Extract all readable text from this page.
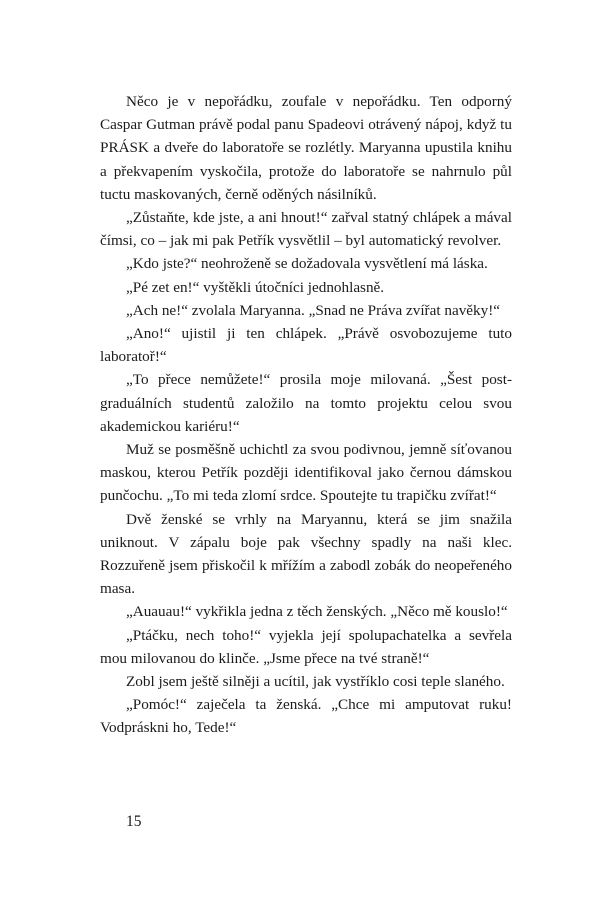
Něco je v nepořádku, zoufale v nepořádku. Ten odporný Caspar Gutman právě podal panu Spadeovi otrávený nápoj, když tu PRÁSK a dveře do laboratoře se rozlétly. Maryanna upustila knihu a překvapením vyskočila, protože do laboratoře se nahrnulo půl tuctu maskovaných, černě oděných násilníků.

„Zůstaňte, kde jste, a ani hnout!“ zařval statný chlápek a mával čímsi, co – jak mi pak Petřík vysvětlil – byl automatický revolver.

„Kdo jste?“ neohroženě se dožadovala vysvětlení má láska.

„Pé zet en!“ vyštěkli útočníci jednohlasně.

„Ach ne!“ zvolala Maryanna. „Snad ne Práva zvířat navěky!“

„Ano!“ ujistil ji ten chlápek. „Právě osvobozujeme tuto laboratoř!“

„To přece nemůžete!“ prosila moje milovaná. „Šest postgraduálních studentů založilo na tomto projektu celou svou akademickou kariéru!“

Muž se posměšně uchichtl za svou podivnou, jemně síťovanou maskou, kterou Petřík později identifikoval jako černou dámskou punčochu. „To mi teda zlomí srdce. Spoutejte tu trapičku zvířat!“

Dvě ženské se vrhly na Maryannu, která se jim snažila uniknout. V zápalu boje pak všechny spadly na naši klec. Rozzuřeně jsem přiskočil k mřížím a zabodl zobák do neopeřeného masa.

„Auauau!“ vykřikla jedna z těch ženských. „Něco mě kouslo!“

„Ptáčku, nech toho!“ vyjekla její spolupachatelka a sevřela mou milovanou do klinče. „Jsme přece na tvé straně!“

Zobl jsem ještě silněji a ucítil, jak vystříklo cosi teple slaného.

„Pomóc!“ zaječela ta ženská. „Chce mi amputovat ruku! Vodpráskni ho, Tede!“

15
